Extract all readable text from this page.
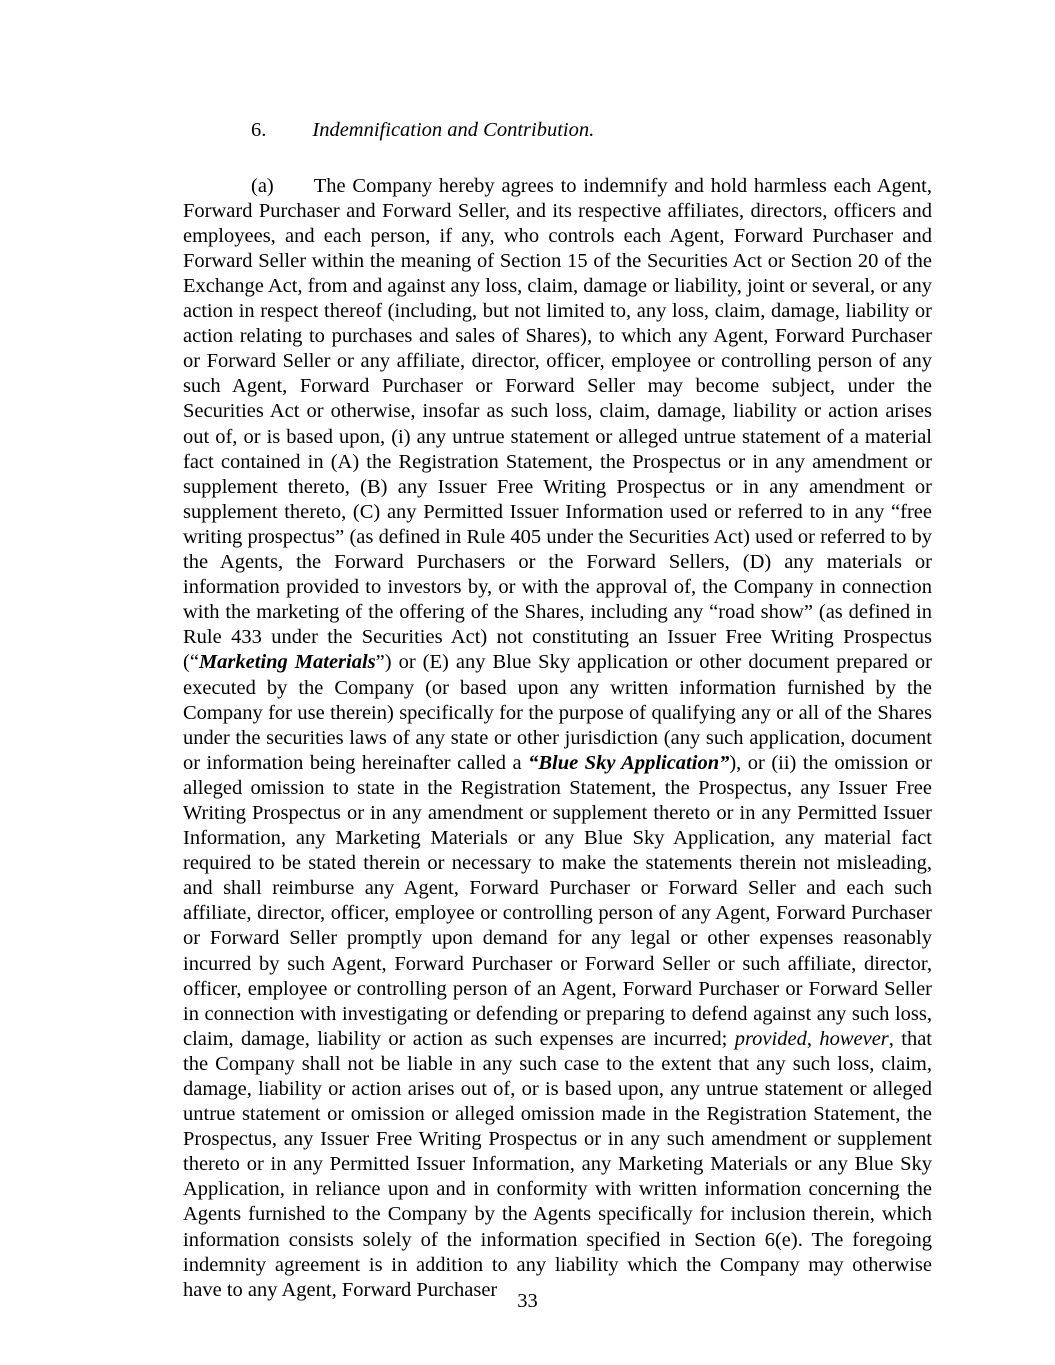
6. Indemnification and Contribution.

(a) The Company hereby agrees to indemnify and hold harmless each Agent, Forward Purchaser and Forward Seller, and its respective affiliates, directors, officers and employees, and each person, if any, who controls each Agent, Forward Purchaser and Forward Seller within the meaning of Section 15 of the Securities Act or Section 20 of the Exchange Act, from and against any loss, claim, damage or liability, joint or several, or any action in respect thereof (including, but not limited to, any loss, claim, damage, liability or action relating to purchases and sales of Shares), to which any Agent, Forward Purchaser or Forward Seller or any affiliate, director, officer, employee or controlling person of any such Agent, Forward Purchaser or Forward Seller may become subject, under the Securities Act or otherwise, insofar as such loss, claim, damage, liability or action arises out of, or is based upon, (i) any untrue statement or alleged untrue statement of a material fact contained in (A) the Registration Statement, the Prospectus or in any amendment or supplement thereto, (B) any Issuer Free Writing Prospectus or in any amendment or supplement thereto, (C) any Permitted Issuer Information used or referred to in any “free writing prospectus” (as defined in Rule 405 under the Securities Act) used or referred to by the Agents, the Forward Purchasers or the Forward Sellers, (D) any materials or information provided to investors by, or with the approval of, the Company in connection with the marketing of the offering of the Shares, including any “road show” (as defined in Rule 433 under the Securities Act) not constituting an Issuer Free Writing Prospectus (“Marketing Materials”) or (E) any Blue Sky application or other document prepared or executed by the Company (or based upon any written information furnished by the Company for use therein) specifically for the purpose of qualifying any or all of the Shares under the securities laws of any state or other jurisdiction (any such application, document or information being hereinafter called a “Blue Sky Application”), or (ii) the omission or alleged omission to state in the Registration Statement, the Prospectus, any Issuer Free Writing Prospectus or in any amendment or supplement thereto or in any Permitted Issuer Information, any Marketing Materials or any Blue Sky Application, any material fact required to be stated therein or necessary to make the statements therein not misleading, and shall reimburse any Agent, Forward Purchaser or Forward Seller and each such affiliate, director, officer, employee or controlling person of any Agent, Forward Purchaser or Forward Seller promptly upon demand for any legal or other expenses reasonably incurred by such Agent, Forward Purchaser or Forward Seller or such affiliate, director, officer, employee or controlling person of an Agent, Forward Purchaser or Forward Seller in connection with investigating or defending or preparing to defend against any such loss, claim, damage, liability or action as such expenses are incurred; provided, however, that the Company shall not be liable in any such case to the extent that any such loss, claim, damage, liability or action arises out of, or is based upon, any untrue statement or alleged untrue statement or omission or alleged omission made in the Registration Statement, the Prospectus, any Issuer Free Writing Prospectus or in any such amendment or supplement thereto or in any Permitted Issuer Information, any Marketing Materials or any Blue Sky Application, in reliance upon and in conformity with written information concerning the Agents furnished to the Company by the Agents specifically for inclusion therein, which information consists solely of the information specified in Section 6(e). The foregoing indemnity agreement is in addition to any liability which the Company may otherwise have to any Agent, Forward Purchaser

33
